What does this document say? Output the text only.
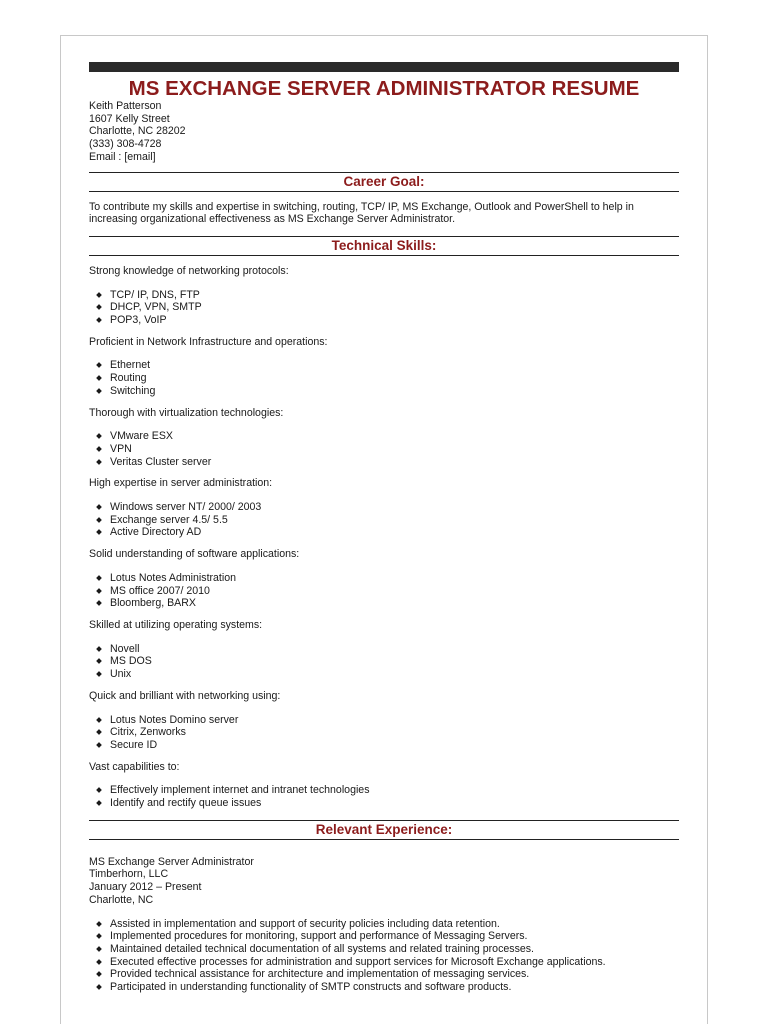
MS EXCHANGE SERVER ADMINISTRATOR RESUME
Keith Patterson
1607 Kelly Street
Charlotte, NC 28202
(333) 308-4728
Email : [email]
Career Goal:
To contribute my skills and expertise in switching, routing, TCP/ IP, MS Exchange, Outlook and PowerShell to help in increasing organizational effectiveness as MS Exchange Server Administrator.
Technical Skills:
Strong knowledge of networking protocols:
TCP/ IP, DNS, FTP
DHCP, VPN, SMTP
POP3, VoIP
Proficient in Network Infrastructure and operations:
Ethernet
Routing
Switching
Thorough with virtualization technologies:
VMware ESX
VPN
Veritas Cluster server
High expertise in server administration:
Windows server NT/ 2000/ 2003
Exchange server 4.5/ 5.5
Active Directory AD
Solid understanding of software applications:
Lotus Notes Administration
MS office 2007/ 2010
Bloomberg, BARX
Skilled at utilizing operating systems:
Novell
MS DOS
Unix
Quick and brilliant with networking using:
Lotus Notes Domino server
Citrix, Zenworks
Secure ID
Vast capabilities to:
Effectively implement internet and intranet technologies
Identify and rectify queue issues
Relevant Experience:
MS Exchange Server Administrator
Timberhorn, LLC
January 2012 – Present
Charlotte, NC
Assisted in implementation and support of security policies including data retention.
Implemented procedures for monitoring, support and performance of Messaging Servers.
Maintained detailed technical documentation of all systems and related training processes.
Executed effective processes for administration and support services for Microsoft Exchange applications.
Provided technical assistance for architecture and implementation of messaging services.
Participated in understanding functionality of SMTP constructs and software products.
